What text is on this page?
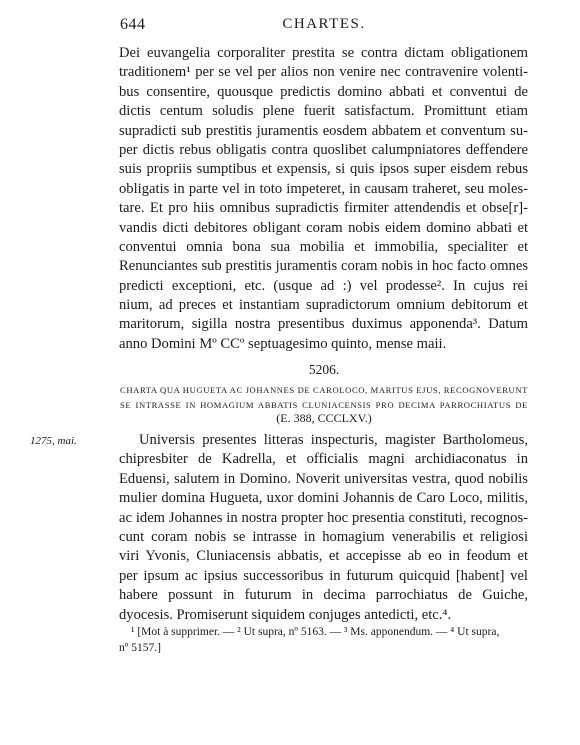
644	CHARTES.
Dei euvangelia corporaliter prestita se contra dictam obligationem
traditionem¹ per se vel per alios non venire nec contravenire volenti-
bus consentire, quousque predictis domino abbati et conventui de
dictis centum soludis plene fuerit satisfactum. Promittunt etiam
supradicti sub prestitis juramentis eosdem abbatem et conventum su-
per dictis rebus obligatis contra quoslibet calumpniatores deffendere
suis propriis sumptibus et expensis, si quis ipsos super eisdem rebus
obligatis in parte vel in toto impeteret, in causam traheret, seu moles-
tare. Et pro hiis omnibus supradictis firmiter attendendis et obse[r]-
vandis dicti debitores obligant coram nobis eidem domino abbati et
conventui omnia bona sua mobilia et immobilia, specialiter et
Renunciantes sub prestitis juramentis coram nobis in hoc facto omnes
predicti exceptioni, etc. (usque ad :) vel prodesse². In cujus rei
nium, ad preces et instantiam supradictorum omnium debitorum et
maritorum, sigilla nostra presentibus duximus apponenda³. Datum
anno Domini Mº CCº septuagesimo quinto, mense maii.
5206.
CHARTA QUA HUGUETA AC JOHANNES DE CAROLOCO, MARITUS EJUS, RECOGNOVERUNT
SE INTRASSE IN HOMAGIUM ABBATIS CLUNIACENSIS PRO DECIMA PARROCHIATUS DE
(E. 388, CCCLXV.)
1275, mai.	Universis presentes litteras inspecturis, magister Bartholomeus,
chipresbiter de Kadrella, et officialis magni archidiaconatus in
Eduensi, salutem in Domino. Noverit universitas vestra, quod nobilis
mulier domina Hugueta, uxor domini Johannis de Caro Loco, militis,
ac idem Johannes in nostra propter hoc presentia constituti, recognos-
cunt coram nobis se intrasse in homagium venerabilis et religiosi
viri Yvonis, Cluniacensis abbatis, et accepisse ab eo in feodum et
per ipsum ac ipsius successoribus in futurum quicquid [habent] vel
habere possunt in futurum in decima parrochiatus de Guiche,
dyocesis. Promiserunt siquidem conjuges antedicti, etc.⁴.
¹ [Mot à supprimer. — ² Ut supra, nº 5163. — ³ Ms. apponendum. — ⁴ Ut supra,
nº 5157.]
